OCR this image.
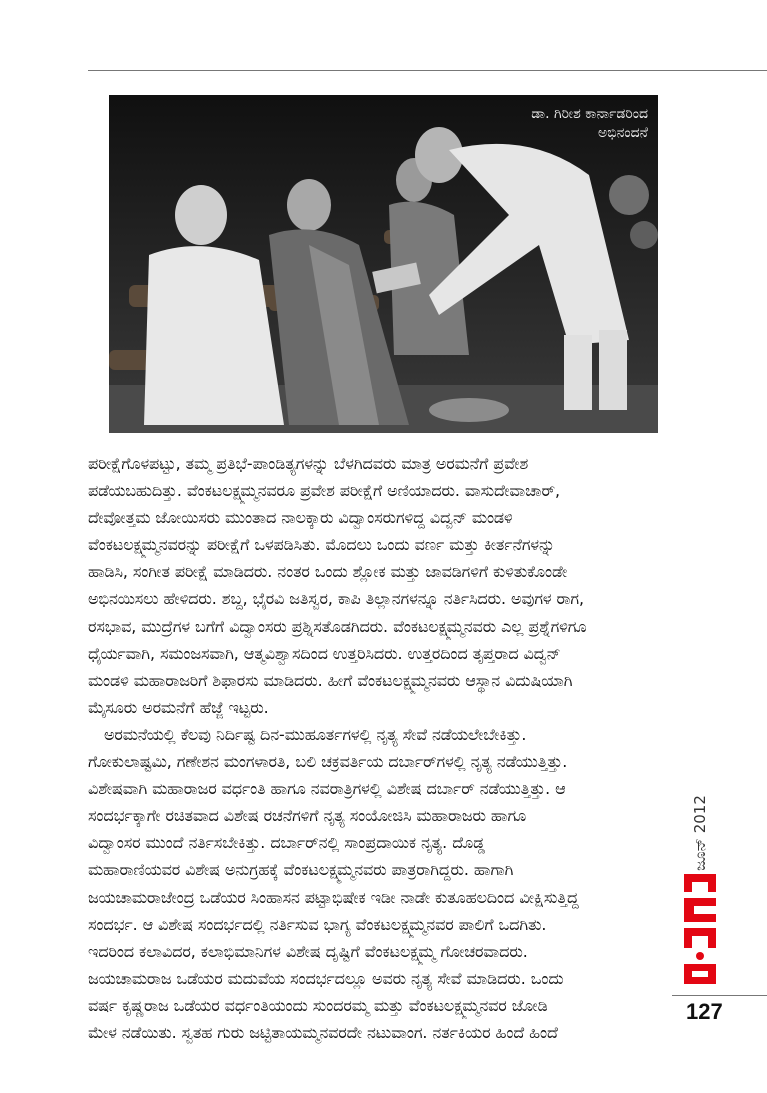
ಡಾ. ಗಿರೀಶ ಕಾರ್ನಾಡರಿಂದ
ಅಭಿನಂದನೆ
ಪರೀಕ್ಷೆಗೊಳಪಟ್ಟು, ತಮ್ಮ ಪ್ರತಿಭೆ-ಪಾಂಡಿತ್ಯಗಳನ್ನು ಬೆಳಗಿದವರು ಮಾತ್ರ ಅರಮನೆಗೆ ಪ್ರವೇಶ
ಪಡೆಯಬಹುದಿತ್ತು. ವೆಂಕಟಲಕ್ಷ್ಮಮ್ಮನವರೂ ಪ್ರವೇಶ ಪರೀಕ್ಷೆಗೆ ಅಣಿಯಾದರು. ವಾಸುದೇವಾಚಾರ್,
ದೇವೋತ್ತಮ ಜೋಯಿಸರು ಮುಂತಾದ ನಾಲಕ್ಕಾರು ವಿದ್ವಾಂಸರುಗಳಿದ್ದ ವಿದ್ವನ್ ಮಂಡಳಿ
ವೆಂಕಟಲಕ್ಷ್ಮಮ್ಮನವರನ್ನು ಪರೀಕ್ಷೆಗೆ ಒಳಪಡಿಸಿತು. ಮೊದಲು ಒಂದು ವರ್ಣ ಮತ್ತು ಕೀರ್ತನೆಗಳನ್ನು
ಹಾಡಿಸಿ, ಸಂಗೀತ ಪರೀಕ್ಷೆ ಮಾಡಿದರು. ನಂತರ ಒಂದು ಶ್ಲೋಕ ಮತ್ತು ಜಾವಡಿಗಳಿಗೆ ಕುಳಿತುಕೊಂಡೇ
ಅಭಿನಯಿಸಲು ಹೇಳಿದರು. ಶಬ್ದ, ಭೈರವಿ ಜತಿಸ್ವರ, ಕಾಪಿ ತಿಲ್ಲಾನಗಳನ್ನೂ ನರ್ತಿಸಿದರು. ಅವುಗಳ ರಾಗ,
ರಸಭಾವ, ಮುದ್ರೆಗಳ ಬಗೆಗೆ ವಿದ್ವಾಂಸರು ಪ್ರಶ್ನಿಸತೊಡಗಿದರು. ವೆಂಕಟಲಕ್ಷ್ಮಮ್ಮನವರು ಎಲ್ಲ ಪ್ರಶ್ನೆಗಳಿಗೂ
ಧೈರ್ಯವಾಗಿ, ಸಮಂಜಸವಾಗಿ, ಆತ್ಮವಿಶ್ವಾಸದಿಂದ ಉತ್ತರಿಸಿದರು. ಉತ್ತರದಿಂದ ತೃಪ್ತರಾದ ವಿದ್ವನ್
ಮಂಡಳಿ ಮಹಾರಾಜರಿಗೆ ಶಿಫಾರಸು ಮಾಡಿದರು. ಹೀಗೆ ವೆಂಕಟಲಕ್ಷ್ಮಮ್ಮನವರು ಆಸ್ಥಾನ ವಿದುಷಿಯಾಗಿ
ಮೈಸೂರು ಅರಮನೆಗೆ ಹೆಜ್ಜೆ ಇಟ್ಟರು.
ಅರಮನೆಯಲ್ಲಿ ಕೆಲವು ನಿರ್ದಿಷ್ಟ ದಿನ-ಮುಹೂರ್ತಗಳಲ್ಲಿ ನೃತ್ಯ ಸೇವೆ ನಡೆಯಲೇಬೇಕಿತ್ತು.
ಗೋಕುಲಾಷ್ಟಮಿ, ಗಣೇಶನ ಮಂಗಳಾರತಿ, ಬಲಿ ಚಕ್ರವರ್ತಿಯ ದರ್ಬಾರ್‌ಗಳಲ್ಲಿ ನೃತ್ಯ ನಡೆಯುತ್ತಿತ್ತು.
ವಿಶೇಷವಾಗಿ ಮಹಾರಾಜರ ವರ್ಧಂತಿ ಹಾಗೂ ನವರಾತ್ರಿಗಳಲ್ಲಿ ವಿಶೇಷ ದರ್ಬಾರ್ ನಡೆಯುತ್ತಿತ್ತು. ಆ
ಸಂದರ್ಭಕ್ಕಾಗೇ ರಚಿತವಾದ ವಿಶೇಷ ರಚನೆಗಳಿಗೆ ನೃತ್ಯ ಸಂಯೋಜಿಸಿ ಮಹಾರಾಜರು ಹಾಗೂ
ವಿದ್ವಾಂಸರ ಮುಂದೆ ನರ್ತಿಸಬೇಕಿತ್ತು. ದರ್ಬಾರ್‌ನಲ್ಲಿ ಸಾಂಪ್ರದಾಯಿಕ ನೃತ್ಯ. ದೊಡ್ಡ
ಮಹಾರಾಣಿಯವರ ವಿಶೇಷ ಅನುಗ್ರಹಕ್ಕೆ ವೆಂಕಟಲಕ್ಷ್ಮಮ್ಮನವರು ಪಾತ್ರರಾಗಿದ್ದರು. ಹಾಗಾಗಿ
ಜಯಚಾಮರಾಜೇಂದ್ರ ಒಡೆಯರ ಸಿಂಹಾಸನ ಪಟ್ಟಾಭಿಷೇಕ ಇಡೀ ನಾಡೇ ಕುತೂಹಲದಿಂದ ವೀಕ್ಷಿಸುತ್ತಿದ್ದ
ಸಂದರ್ಭ. ಆ ವಿಶೇಷ ಸಂದರ್ಭದಲ್ಲಿ ನರ್ತಿಸುವ ಭಾಗ್ಯ ವೆಂಕಟಲಕ್ಷ್ಮಮ್ಮನವರ ಪಾಲಿಗೆ ಒದಗಿತು.
ಇದರಿಂದ ಕಲಾವಿದರ, ಕಲಾಭಿಮಾನಿಗಳ ವಿಶೇಷ ದೃಷ್ಟಿಗೆ ವೆಂಕಟಲಕ್ಷ್ಮಮ್ಮ ಗೋಚರವಾದರು.
ಜಯಚಾಮರಾಜ ಒಡೆಯರ ಮದುವೆಯ ಸಂದರ್ಭದಲ್ಲೂ ಅವರು ನೃತ್ಯ ಸೇವೆ ಮಾಡಿದರು. ಒಂದು
ವರ್ಷ ಕೃಷ್ಣರಾಜ ಒಡೆಯರ ವರ್ಧಂತಿಯಂದು ಸುಂದರಮ್ಮ ಮತ್ತು ವೆಂಕಟಲಕ್ಷ್ಮಮ್ಮನವರ ಜೋಡಿ
ಮೇಳ ನಡೆಯಿತು. ಸ್ವತಹ ಗುರು ಜಟ್ಟಿತಾಯಮ್ಮನವರದೇ ನಟುವಾಂಗ. ನರ್ತಕಿಯರ ಹಿಂದೆ ಹಿಂದೆ
ಜೂನ್ 2012
127
